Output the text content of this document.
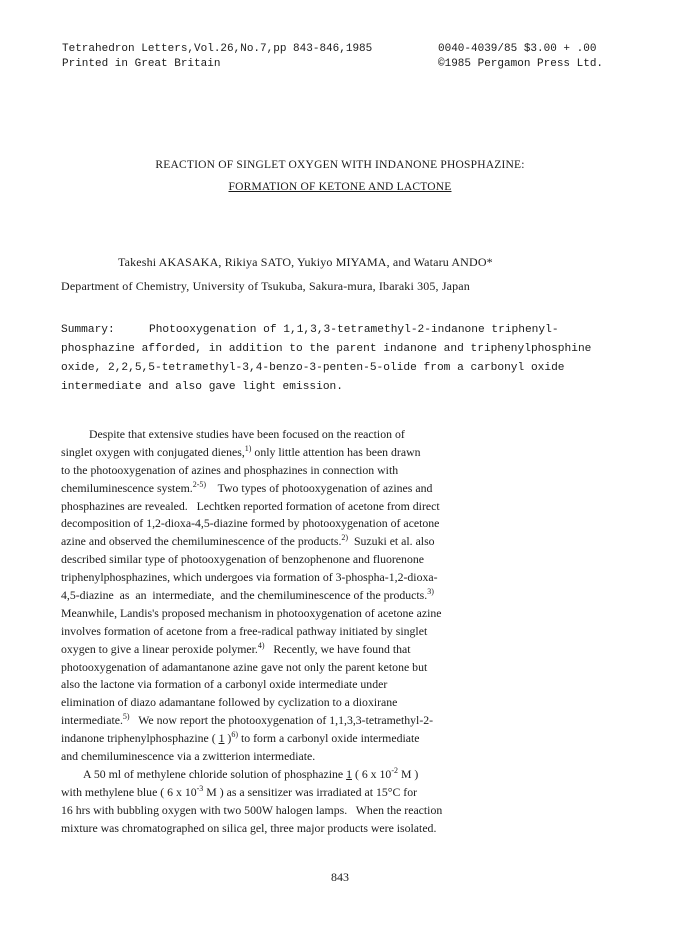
Tetrahedron Letters,Vol.26,No.7,pp 843-846,1985
Printed in Great Britain
0040-4039/85 $3.00 + .00
©1985 Pergamon Press Ltd.
REACTION OF SINGLET OXYGEN WITH INDANONE PHOSPHAZINE:
FORMATION OF KETONE AND LACTONE
Takeshi AKASAKA, Rikiya SATO, Yukiyo MIYAMA, and Wataru ANDO*
Department of Chemistry, University of Tsukuba, Sakura-mura, Ibaraki 305, Japan
Summary:	Photooxygenation of 1,1,3,3-tetramethyl-2-indanone triphenyl-
phosphazine afforded, in addition to the parent indanone and triphenylphosphine
oxide, 2,2,5,5-tetramethyl-3,4-benzo-3-penten-5-olide from a carbonyl oxide
intermediate and also gave light emission.
Despite that extensive studies have been focused on the reaction of
singlet oxygen with conjugated dienes,$^{1)}$ only little attention has been drawn
to the photooxygenation of azines and phosphazines in connection with
chemiluminescence system.$^{2-5)}$    Two types of photooxygenation of azines and
phosphazines are revealed.   Lechtken reported formation of acetone from direct
decomposition of 1,2-dioxa-4,5-diazine formed by photooxygenation of acetone
azine and observed the chemiluminescence of the products.$^{2)}$  Suzuki et al. also
described similar type of photooxygenation of benzophenone and fluorenone
triphenylphosphazines, which undergoes via formation of 3-phospha-1,2-dioxa-
4,5-diazine  as  an  intermediate,  and the chemiluminescence of the products.$^{3)}$
Meanwhile, Landis's proposed mechanism in photooxygenation of acetone azine
involves formation of acetone from a free-radical pathway initiated by singlet
oxygen to give a linear peroxide polymer.$^{4)}$   Recently, we have found that
photooxygenation of adamantanone azine gave not only the parent ketone but
also the lactone via formation of a carbonyl oxide intermediate under
elimination of diazo adamantane followed by cyclization to a dioxirane
intermediate.$^{5)}$   We now report the photooxygenation of 1,1,3,3-tetramethyl-2-
indanone triphenylphosphazine ( 1 )$^{6)}$ to form a carbonyl oxide intermediate
and chemiluminescence via a zwitterion intermediate.
A 50 ml of methylene chloride solution of phosphazine 1 ( 6 x $10^{-2}$ M )
with methylene blue ( 6 x $10^{-3}$ M ) as a sensitizer was irradiated at 15°C for
16 hrs with bubbling oxygen with two 500W halogen lamps.   When the reaction
mixture was chromatographed on silica gel, three major products were isolated.
843
